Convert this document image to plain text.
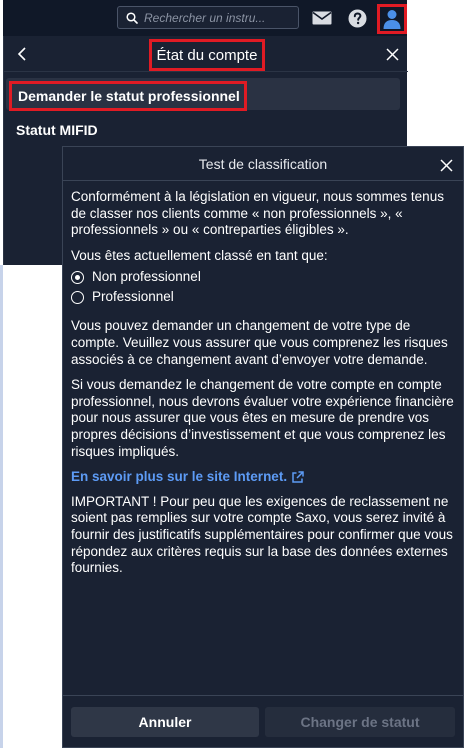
Rechercher un instru...
État du compte
Demander le statut professionnel
Statut MIFID
Test de classification

Conformément à la législation en vigueur, nous sommes tenus de classer nos clients comme « non professionnels », « professionnels » ou « contreparties éligibles ».

Vous êtes actuellement classé en tant que:

Non professionnel
Professionnel

Vous pouvez demander un changement de votre type de compte. Veuillez vous assurer que vous comprenez les risques associés à ce changement avant d’envoyer votre demande.

Si vous demandez le changement de votre compte en compte professionnel, nous devrons évaluer votre expérience financière pour nous assurer que vous êtes en mesure de prendre vos propres décisions d’investissement et que vous comprenez les risques impliqués.

En savoir plus sur le site Internet.

IMPORTANT ! Pour peu que les exigences de reclassement ne soient pas remplies sur votre compte Saxo, vous serez invité à fournir des justificatifs supplémentaires pour confirmer que vous répondez aux critères requis sur la base des données externes fournies.

Annuler	Changer de statut
